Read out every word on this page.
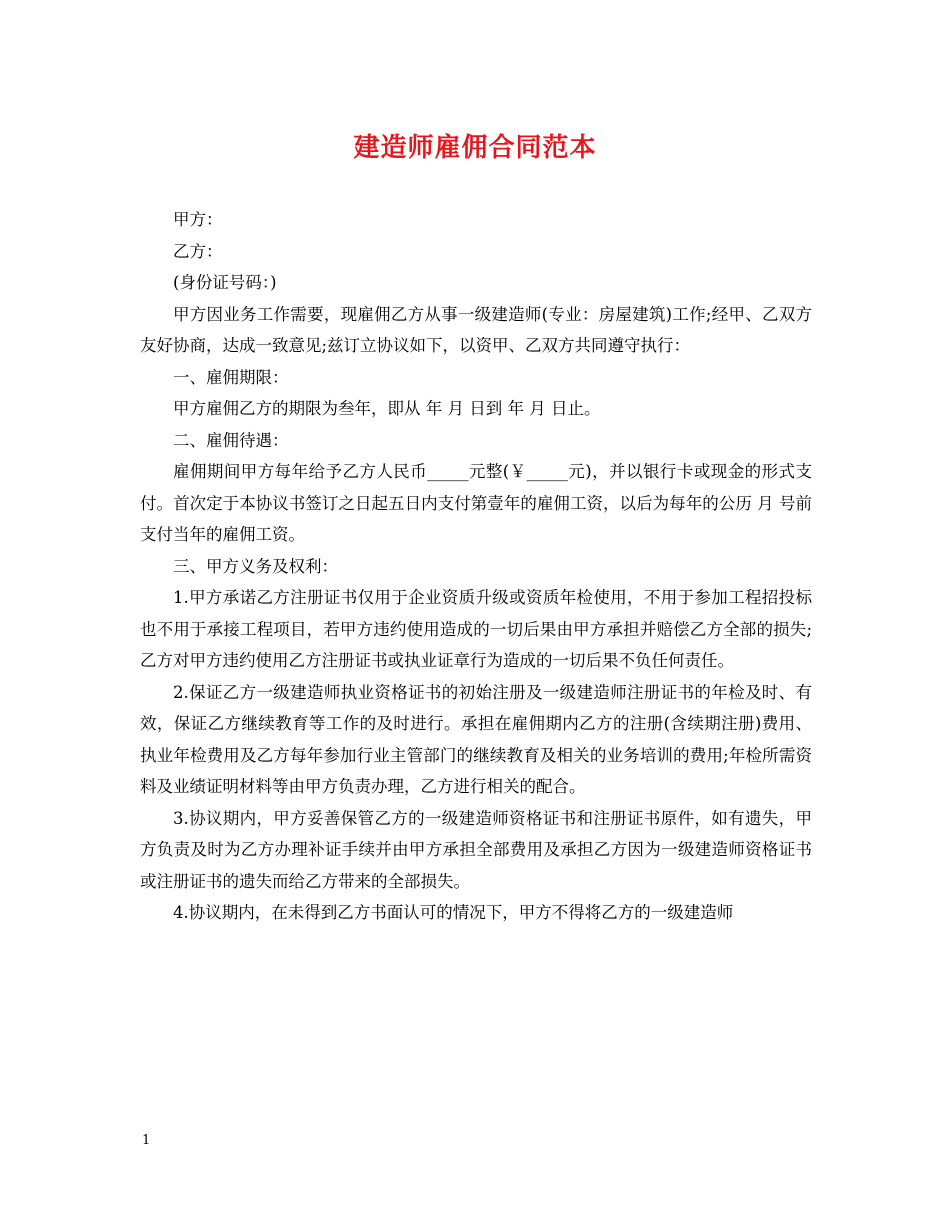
建造师雇佣合同范本

甲方：

乙方：

(身份证号码：)

甲方因业务工作需要，现雇佣乙方从事一级建造师(专业：房屋建筑)工作;经甲、乙双方友好协商，达成一致意见;兹订立协议如下，以资甲、乙双方共同遵守执行：

一、雇佣期限：

甲方雇佣乙方的期限为叁年，即从 年 月 日到 年 月 日止。

二、雇佣待遇：

雇佣期间甲方每年给予乙方人民币_____元整(￥_____元)，并以银行卡或现金的形式支付。首次定于本协议书签订之日起五日内支付第壹年的雇佣工资，以后为每年的公历 月 号前支付当年的雇佣工资。

三、甲方义务及权利：

1.甲方承诺乙方注册证书仅用于企业资质升级或资质年检使用，不用于参加工程招投标也不用于承接工程项目，若甲方违约使用造成的一切后果由甲方承担并赔偿乙方全部的损失;乙方对甲方违约使用乙方注册证书或执业证章行为造成的一切后果不负任何责任。

2.保证乙方一级建造师执业资格证书的初始注册及一级建造师注册证书的年检及时、有效，保证乙方继续教育等工作的及时进行。承担在雇佣期内乙方的注册(含续期注册)费用、执业年检费用及乙方每年参加行业主管部门的继续教育及相关的业务培训的费用;年检所需资料及业绩证明材料等由甲方负责办理，乙方进行相关的配合。

3.协议期内，甲方妥善保管乙方的一级建造师资格证书和注册证书原件，如有遗失，甲方负责及时为乙方办理补证手续并由甲方承担全部费用及承担乙方因为一级建造师资格证书或注册证书的遗失而给乙方带来的全部损失。

4.协议期内，在未得到乙方书面认可的情况下，甲方不得将乙方的一级建造师

1
